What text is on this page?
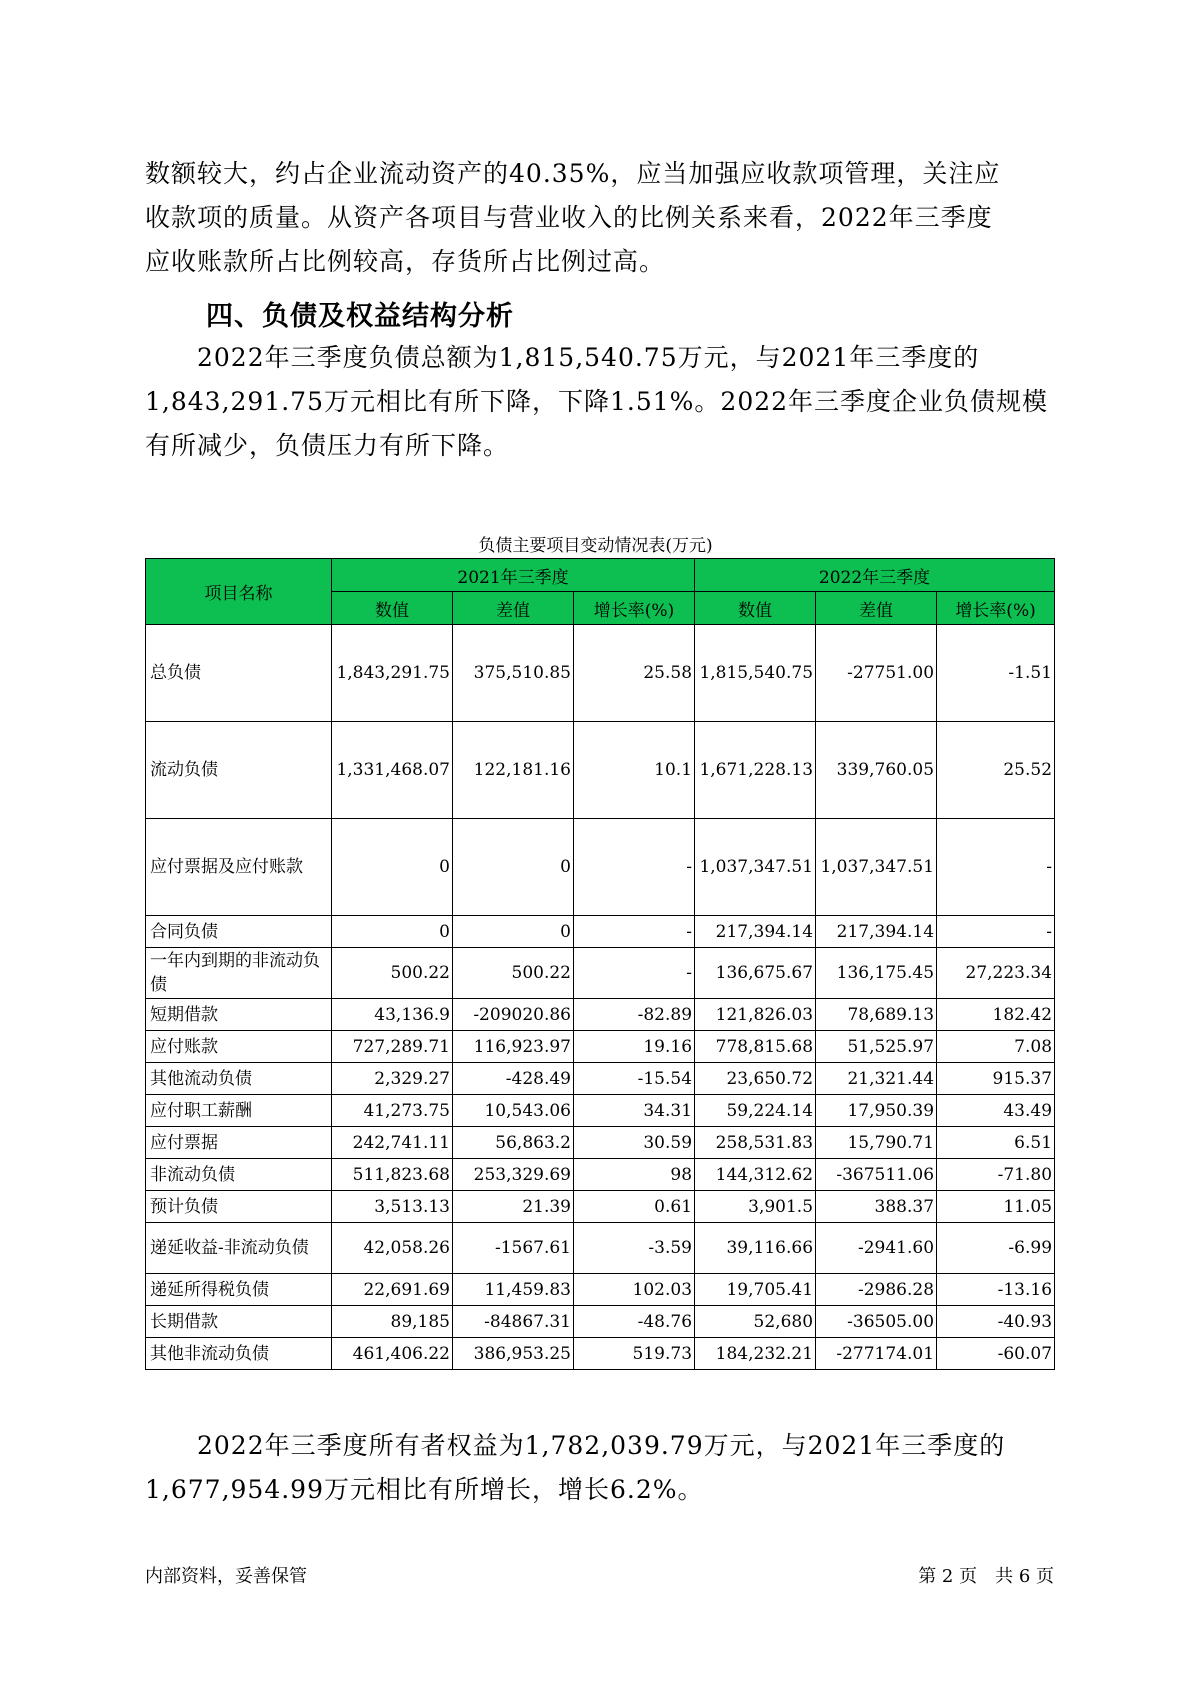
数额较大，约占企业流动资产的40.35%，应当加强应收款项管理，关注应
收款项的质量。从资产各项目与营业收入的比例关系来看，2022年三季度
应收账款所占比例较高，存货所占比例过高。

四、负债及权益结构分析

　　2022年三季度负债总额为1,815,540.75万元，与2021年三季度的
1,843,291.75万元相比有所下降，下降1.51%。2022年三季度企业负债规模
有所减少，负债压力有所下降。

负债主要项目变动情况表(万元)

项目名称	2021年三季度			2022年三季度		
	数值	差值	增长率(%)	数值	差值	增长率(%)
总负债	1,843,291.75	375,510.85	25.58	1,815,540.75	-27751.00	-1.51
流动负债	1,331,468.07	122,181.16	10.1	1,671,228.13	339,760.05	25.52
应付票据及应付账款	0	0	-	1,037,347.51	1,037,347.51	-
合同负债	0	0	-	217,394.14	217,394.14	-
一年内到期的非流动负债	500.22	500.22	-	136,675.67	136,175.45	27,223.34
短期借款	43,136.9	-209020.86	-82.89	121,826.03	78,689.13	182.42
应付账款	727,289.71	116,923.97	19.16	778,815.68	51,525.97	7.08
其他流动负债	2,329.27	-428.49	-15.54	23,650.72	21,321.44	915.37
应付职工薪酬	41,273.75	10,543.06	34.31	59,224.14	17,950.39	43.49
应付票据	242,741.11	56,863.2	30.59	258,531.83	15,790.71	6.51
非流动负债	511,823.68	253,329.69	98	144,312.62	-367511.06	-71.80
预计负债	3,513.13	21.39	0.61	3,901.5	388.37	11.05
递延收益-非流动负债	42,058.26	-1567.61	-3.59	39,116.66	-2941.60	-6.99
递延所得税负债	22,691.69	11,459.83	102.03	19,705.41	-2986.28	-13.16
长期借款	89,185	-84867.31	-48.76	52,680	-36505.00	-40.93
其他非流动负债	461,406.22	386,953.25	519.73	184,232.21	-277174.01	-60.07

　　2022年三季度所有者权益为1,782,039.79万元，与2021年三季度的
1,677,954.99万元相比有所增长，增长6.2%。

内部资料，妥善保管	第 2 页　共 6 页
